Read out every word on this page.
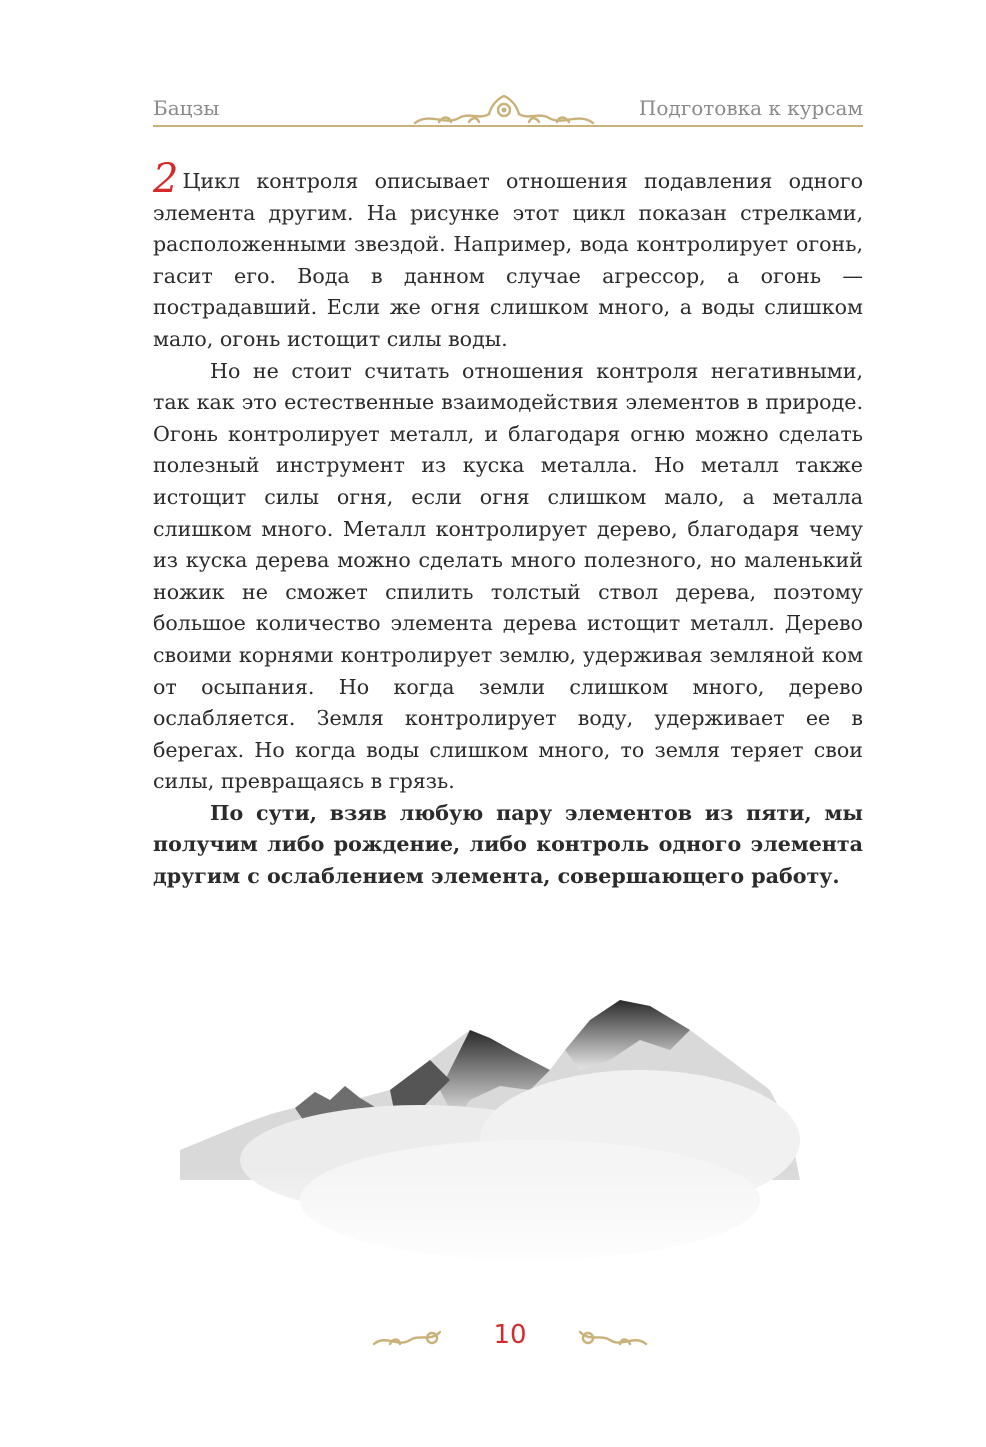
Бацзы	Подготовка к курсам

2 Цикл контроля описывает отношения подавления одного элемента другим. На рисунке этот цикл показан стрелками, расположенными звездой. Например, вода контролирует огонь, гасит его. Вода в данном случае агрессор, а огонь — пострадавший. Если же огня слишком много, а воды слишком мало, огонь истощит силы воды.

Но не стоит считать отношения контроля негативными, так как это естественные взаимодействия элементов в природе. Огонь контролирует металл, и благодаря огню можно сделать полезный инструмент из куска металла. Но металл также истощит силы огня, если огня слишком мало, а металла слишком много. Металл контролирует дерево, благодаря чему из куска дерева можно сделать много полезного, но маленький ножик не сможет спилить толстый ствол дерева, поэтому большое количество элемента дерева истощит металл. Дерево своими корнями контролирует землю, удерживая земляной ком от осыпания. Но когда земли слишком много, дерево ослабляется. Земля контролирует воду, удерживает ее в берегах. Но когда воды слишком много, то земля теряет свои силы, превращаясь в грязь.

По сути, взяв любую пару элементов из пяти, мы получим либо рождение, либо контроль одного элемента другим с ослаблением элемента, совершающего работу.

10
